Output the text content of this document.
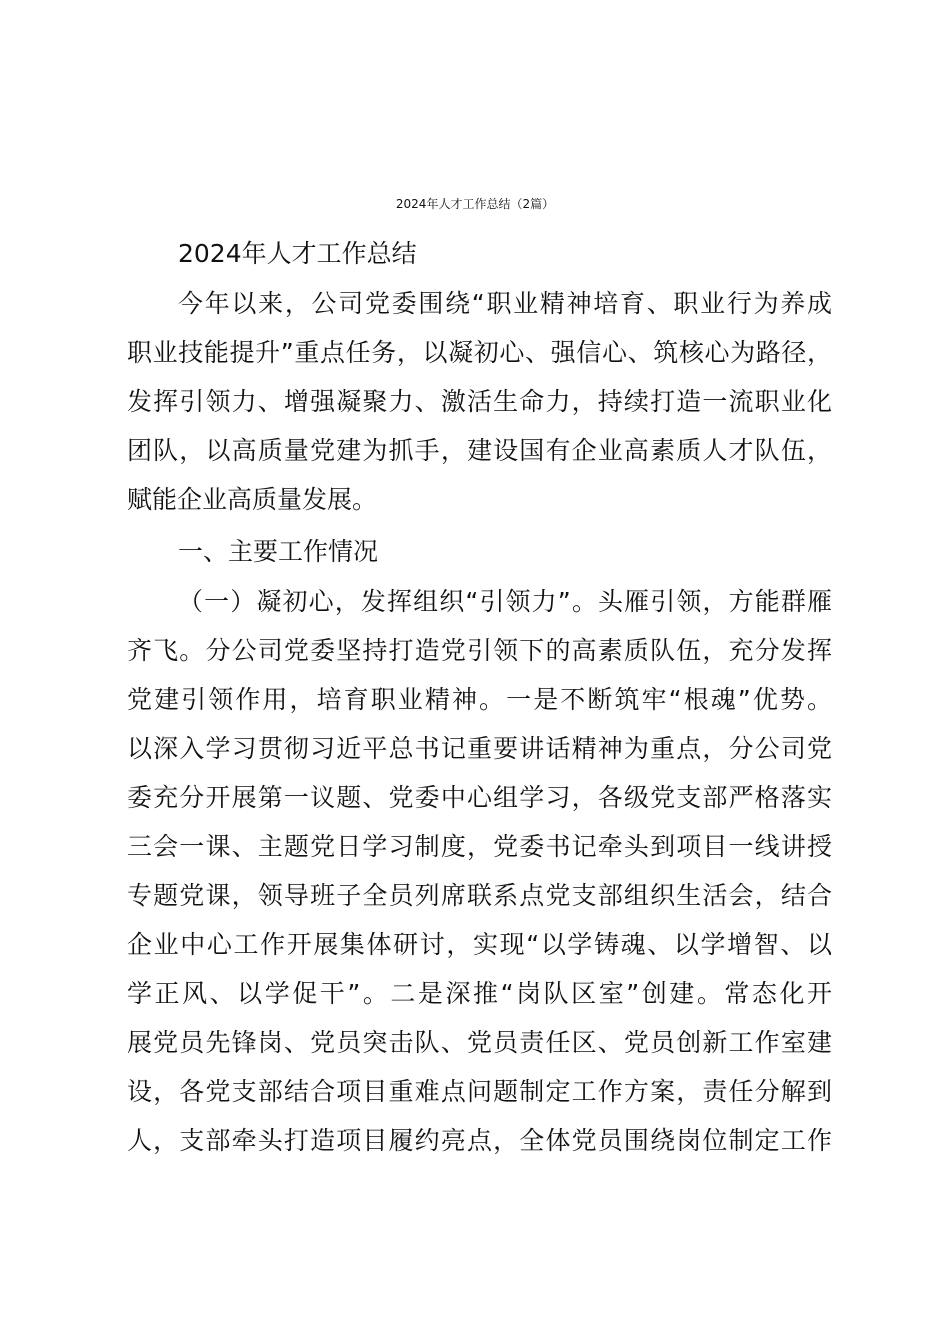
2024年人才工作总结（2篇）
2024年人才工作总结
今年以来，公司党委围绕“职业精神培育、职业行为养成
职业技能提升”重点任务，以凝初心、强信心、筑核心为路径，
发挥引领力、增强凝聚力、激活生命力，持续打造一流职业化
团队，以高质量党建为抓手，建设国有企业高素质人才队伍，
赋能企业高质量发展。
一、主要工作情况
（一）凝初心，发挥组织“引领力”。头雁引领，方能群雁
齐飞。分公司党委坚持打造党引领下的高素质队伍，充分发挥
党建引领作用，培育职业精神。一是不断筑牢“根魂”优势。
以深入学习贯彻习近平总书记重要讲话精神为重点，分公司党
委充分开展第一议题、党委中心组学习，各级党支部严格落实
三会一课、主题党日学习制度，党委书记牵头到项目一线讲授
专题党课，领导班子全员列席联系点党支部组织生活会，结合
企业中心工作开展集体研讨，实现“以学铸魂、以学增智、以
学正风、以学促干”。二是深推“岗队区室”创建。常态化开
展党员先锋岗、党员突击队、党员责任区、党员创新工作室建
设，各党支部结合项目重难点问题制定工作方案，责任分解到
人，支部牵头打造项目履约亮点，全体党员围绕岗位制定工作
